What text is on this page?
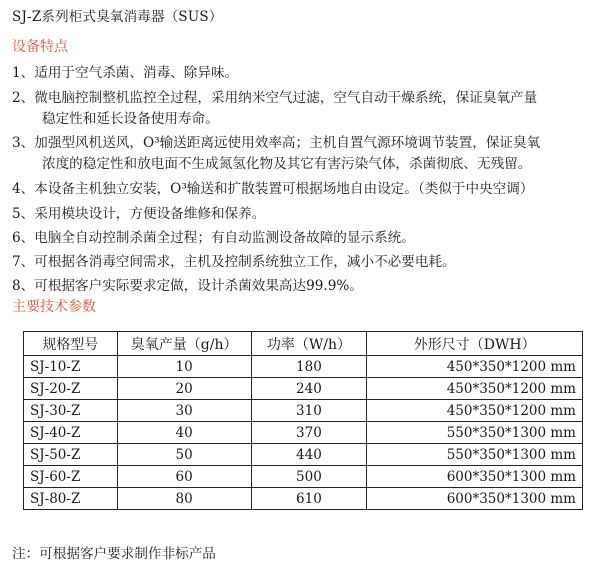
SJ-Z系列柜式臭氧消毒器（SUS）
设备特点
1、适用于空气杀菌、消毒、除异味。
2、微电脑控制整机监控全过程，采用纳米空气过滤，空气自动干燥系统，保证臭氧产量
稳定性和延长设备使用寿命。
3、加强型风机送风，O³输送距离远使用效率高；主机自置气源环境调节装置，保证臭氧
浓度的稳定性和放电面不生成氮氢化物及其它有害污染气体，杀菌彻底、无残留。
4、本设备主机独立安装，O³输送和扩散装置可根据场地自由设定。（类似于中央空调）
5、采用模块设计，方便设备维修和保养。
6、电脑全自动控制杀菌全过程；有自动监测设备故障的显示系统。
7、可根据各消毒空间需求，主机及控制系统独立工作，减小不必要电耗。
8、可根据客户实际要求定做，设计杀菌效果高达99.9%。
主要技术参数
规格型号	臭氧产量（g/h）	功率（W/h）	外形尺寸（DWH）
SJ-10-Z	10	180	450*350*1200 mm
SJ-20-Z	20	240	450*350*1200 mm
SJ-30-Z	30	310	450*350*1200 mm
SJ-40-Z	40	370	550*350*1300 mm
SJ-50-Z	50	440	550*350*1300 mm
SJ-60-Z	60	500	600*350*1300 mm
SJ-80-Z	80	610	600*350*1300 mm
注：可根据客户要求制作非标产品
